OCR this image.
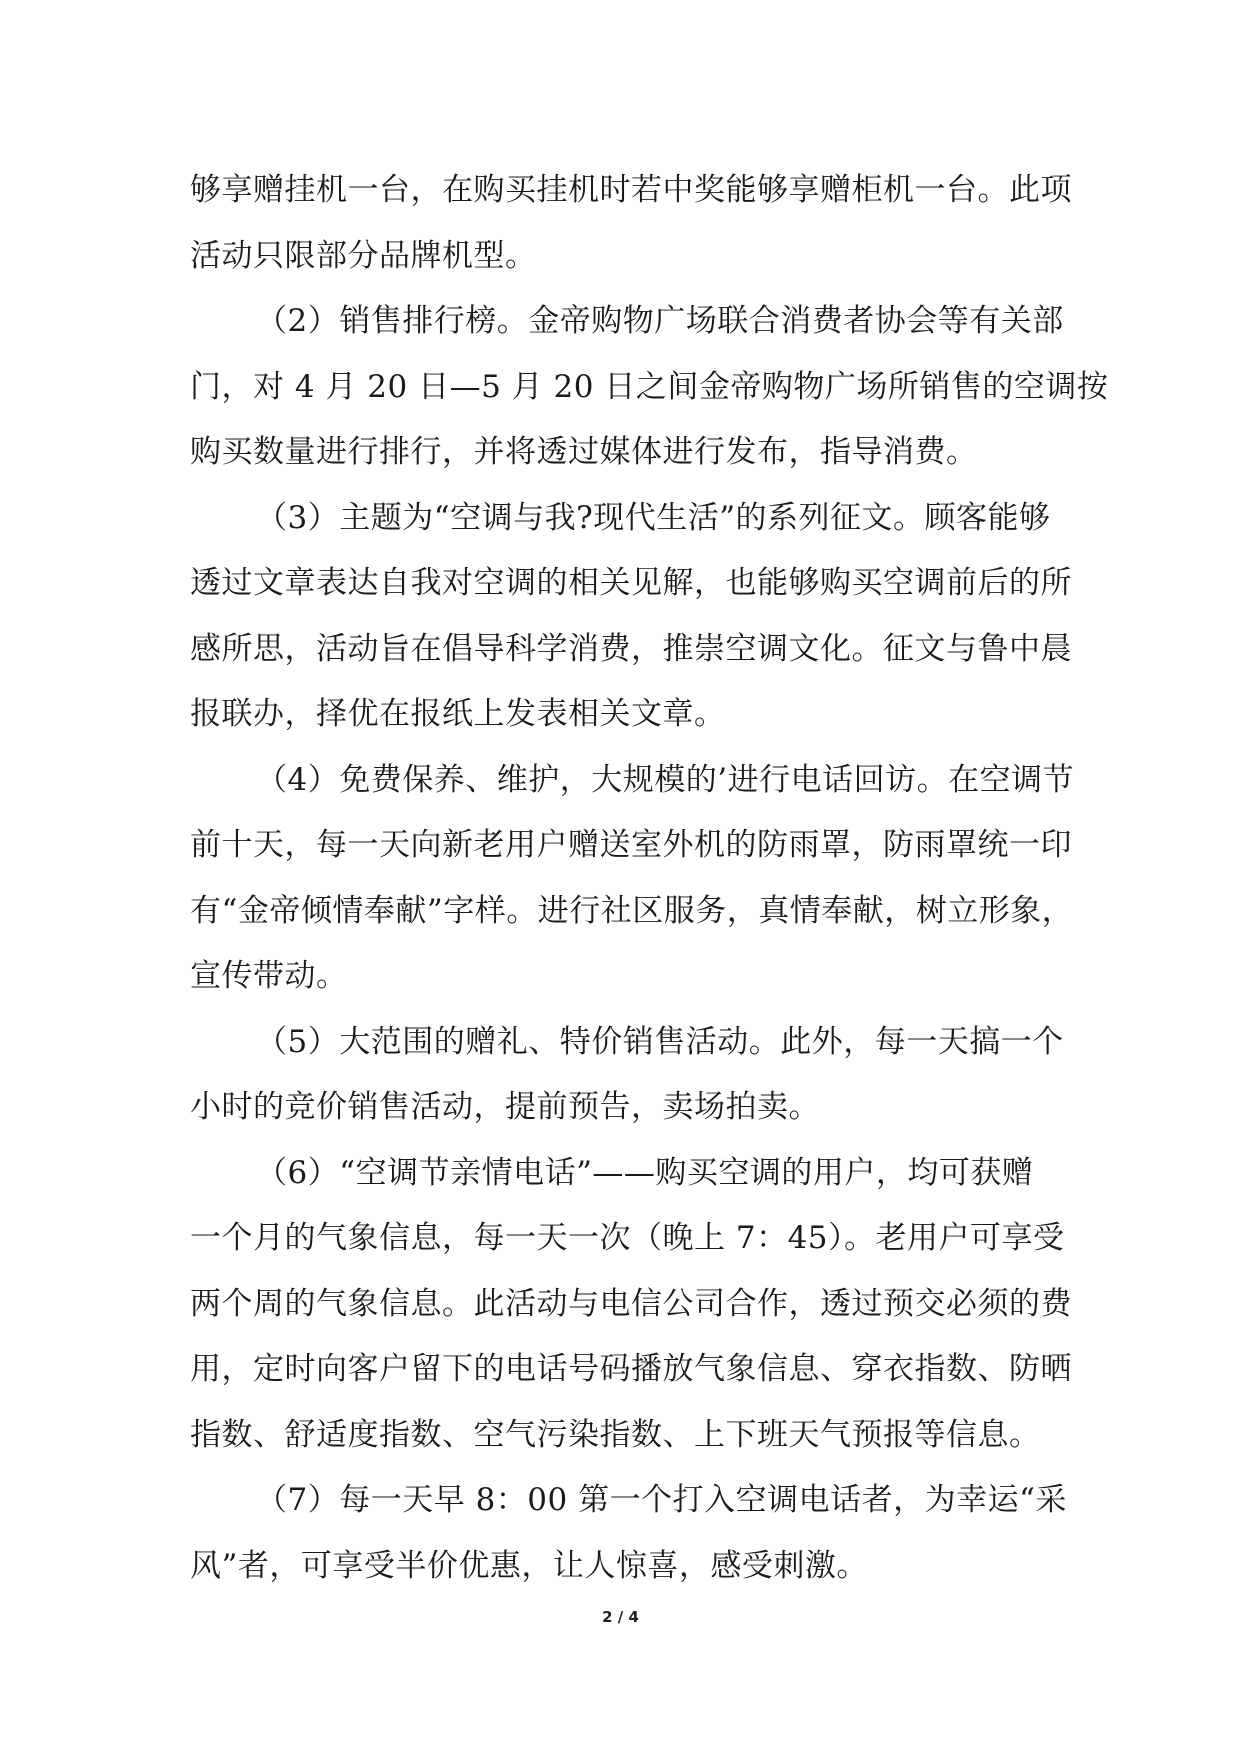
够享赠挂机一台，在购买挂机时若中奖能够享赠柜机一台。此项
活动只限部分品牌机型。

（2）销售排行榜。金帝购物广场联合消费者协会等有关部
门，对 4 月 20 日—5 月 20 日之间金帝购物广场所销售的空调按
购买数量进行排行，并将透过媒体进行发布，指导消费。

（3）主题为“空调与我?现代生活”的系列征文。顾客能够
透过文章表达自我对空调的相关见解，也能够购买空调前后的所
感所思，活动旨在倡导科学消费，推崇空调文化。征文与鲁中晨
报联办，择优在报纸上发表相关文章。

（4）免费保养、维护，大规模的’进行电话回访。在空调节
前十天，每一天向新老用户赠送室外机的防雨罩，防雨罩统一印
有“金帝倾情奉献”字样。进行社区服务，真情奉献，树立形象，
宣传带动。

（5）大范围的赠礼、特价销售活动。此外，每一天搞一个
小时的竞价销售活动，提前预告，卖场拍卖。

（6）“空调节亲情电话”——购买空调的用户，均可获赠
一个月的气象信息，每一天一次（晚上 7：45）。老用户可享受
两个周的气象信息。此活动与电信公司合作，透过预交必须的费
用，定时向客户留下的电话号码播放气象信息、穿衣指数、防晒
指数、舒适度指数、空气污染指数、上下班天气预报等信息。

（7）每一天早 8：00 第一个打入空调电话者，为幸运“采
风”者，可享受半价优惠，让人惊喜，感受刺激。

2 / 4
